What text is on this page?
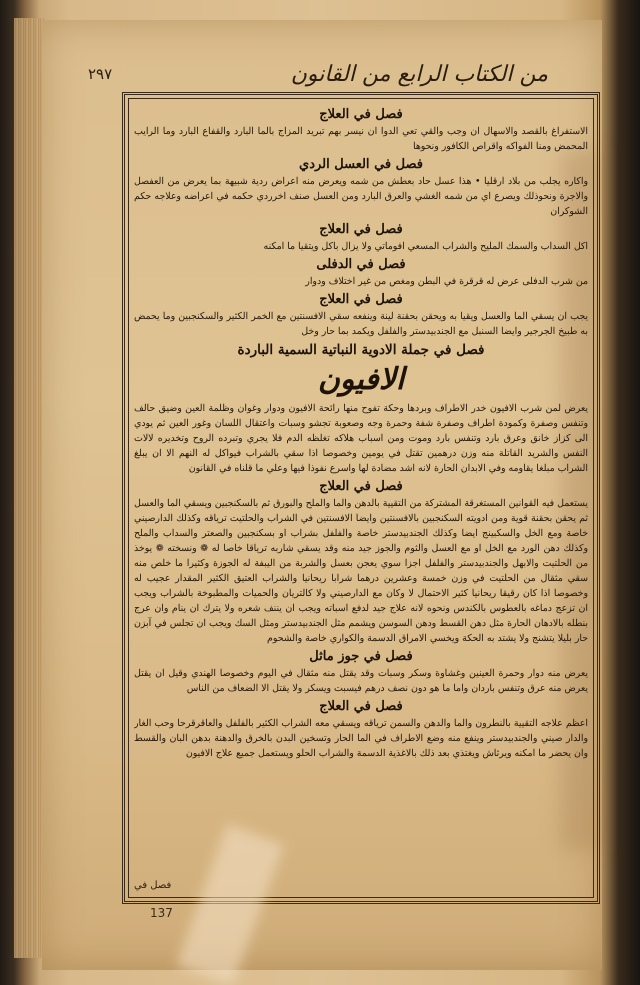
من الكتاب الرابع من القانون
٢٩٧
فصل في العلاج
الاستفراغ بالقصد والاسهال ان وجب والقي تعي الدوا ان نيسر بهم تبريد المزاج بالما البارد والقفاع البارد وما الرايب المحمض ومنا الفواكه واقراص الكافور ونحوها
فصل في العسل الردي
واكاره يجلب من بلاد ارقليا • هذا عسل حاد بعطش من شمه ويعرض منه اعراض ردية شبيهة بما يعرض من العفصل والاجرة ونحوذلك ويصرع اي من شمه الغشي والعرق البارد ومن العسل صنف اخرردي حكمه في اعراضه وعلاجه حكم الشوكران
فصل في العلاج
اكل السداب والسمك المليح والشراب المسعي افوماتي ولا يزال باكل ويتقيا ما امكنه
فصل في الدفلى
من شرب الدفلى عرض له قرقرة في البطن ومغص من غير اختلاف ودوار
فصل في العلاج
يجب ان يسقي الما والعسل ويقيا به ويحقن بحقنة لينة وينفعه سقي الافسنتين مع الخمر الكثير والسكنجبين وما يحمض به طبيخ الجرجير وايضا السنبل مع الجندبيدستر والفلفل ويكمد بما حار وخل
فصل في جملة الادوية النباتية السمية الباردة
الافيون
يعرض لمن شرب الافيون خدر الاطراف وبردها وحكة تفوح منها رائحة الافيون ودوار وغوان وظلمة العين وضيق حالف وتنفس وصفرة وكمودة اطراف وصفرة شفة وحمرة وجه وصعوبة تجشو وسبات واعتقال اللسان وغور العين ثم يودي الى كزاز خانق وعرق بارد وتنفس بارد وموت ومن اسباب هلاكه تغلظه الدم فلا يجري وتبرده الروح وتخديره لالات النفس والشريد القاتلة منه وزن درهمين تقتل في يومين وخصوصا اذا سقي بالشراب فيواكل له النهم الا ان يبلغ الشراب مبلغا يقاومه وفي الابدان الحارة لانه اشد مضادة لها واسرع نفوذا فيها وعلي ما قلناه في القانون
فصل في العلاج
يستعمل فيه القوانين المستغرقة المشتركة من التقيية بالدهن والما والملح والبورق ثم بالسكنجبين ويسقي الما والعسل ثم يحقن بحقنة قوية ومن ادويته السكنجبين بالافسنتين وايضا الافسنتين في الشراب والحلتيت ترياقه وكذلك الدارصيني خاصة ومع الخل والسكبينج ايضا وكذلك الجندبيدستر خاصة والفلفل بشراب او بسكنجبين والصعتر والسداب والملح وكذلك دهن الورد مع الخل او مع العسل والثوم والجوز جيد منه وقد يسقي شاربه ترياقا خاصا له ❁ ونسخته ❁ يوخذ من الحلتيت والابهل والجندبيدستر والفلفل اجزا سوي يعجن بعسل والشربة من اليبفة له الجوزة وكثيرا ما خلص منه سقي مثقال من الحلتيت في وزن خمسة وعشرين درهما شرابا ريحانيا والشراب العتيق الكثير المقدار عجيب له وخصوصا اذا كان رقيقا ريحانيا كثير الاحتمال لا وكان مع الدارصيني ولا كالتريان والحميات والمطبوخة بالشراب ويجب ان تزعج دماغه بالعطوس بالكندس ونحوه لانه علاج جيد لدفع اسباته ويجب ان يننف شعره ولا يترك ان ينام وان عرج بنطله بالادهان الحارة مثل دهن القسط ودهن السوسن ويشمم مثل الجندبيدستر ومثل السك ويجب ان تجلس في آبزن حار بليلا يتشنج ولا يشتد به الحكة ويخسي الامراق الدسمة والكواري خاصة والشحوم
فصل في جوز ماثل
يعرض منه دوار وحمرة العينين وغشاوة وسكر وسبات وقد يقتل منه مثقال في اليوم وخصوصا الهندي وقيل ان يقتل يعرض منه عرق وتنفس باردان واما ما هو دون نصف درهم فيسبت ويسكر ولا يقتل الا الضعاف من الناس
فصل في العلاج
اعظم علاجه التقيية بالنطرون والما والدهن والسمن ترياقه ويسقي معه الشراب الكثير بالفلفل والعاقرقرحا وحب الغار والدار صيني والجندبيدستر وينفع منه وضع الاطراف في الما الحار وتسخين البدن بالخرق والدهنة بدهن البان والقسط وان يحضر ما امكنه ويرثاش ويغتذي بعد ذلك بالاغذية الدسمة والشراب الحلو ويستعمل جميع علاج الافيون
فصل في
137
